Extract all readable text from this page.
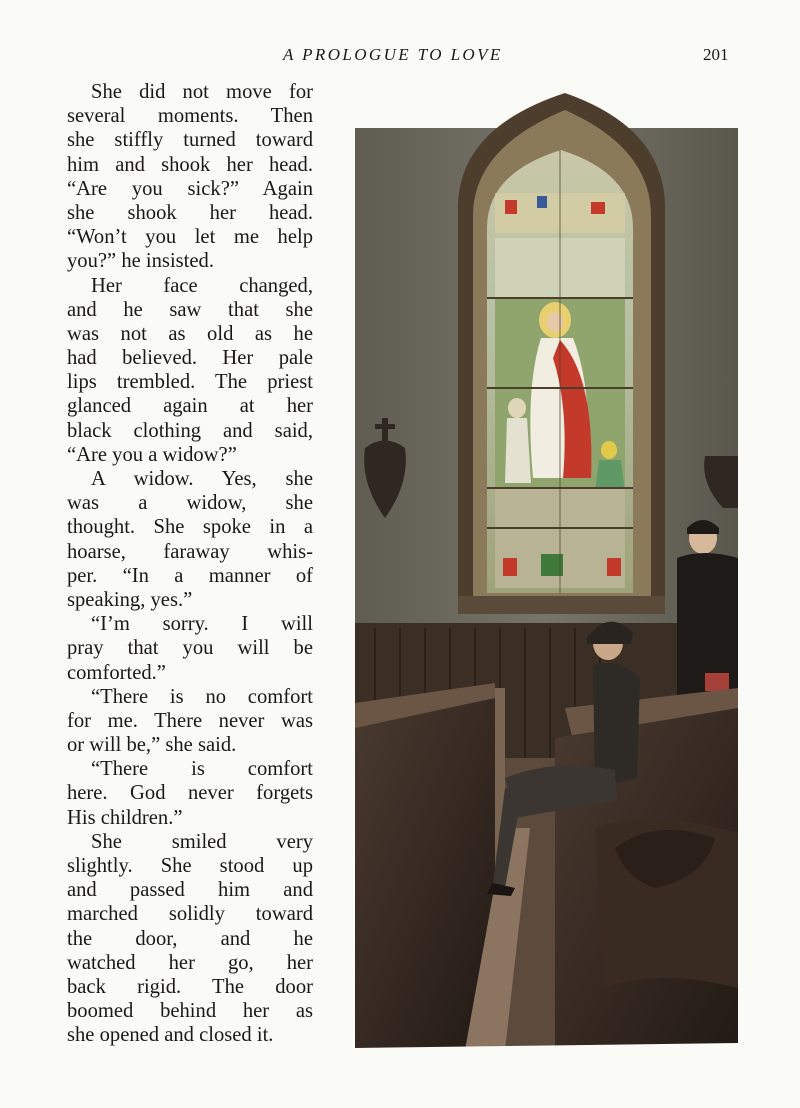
A PROLOGUE TO LOVE	201
She did not move for
several moments. Then
she stiffly turned toward
him and shook her head.
“Are you sick?” Again
she shook her head.
“Won’t you let me help
you?” he insisted.
Her face changed,
and he saw that she
was not as old as he
had believed. Her pale
lips trembled. The priest
glanced again at her
black clothing and said,
“Are you a widow?”
A widow. Yes, she
was a widow, she
thought. She spoke in a
hoarse, faraway whis-
per. “In a manner of
speaking, yes.”
“I’m sorry. I will
pray that you will be
comforted.”
“There is no comfort
for me. There never was
or will be,” she said.
“There is comfort
here. God never forgets
His children.”
She smiled very
slightly. She stood up
and passed him and
marched solidly toward
the door, and he
watched her go, her
back rigid. The door
boomed behind her as
she opened and closed it.
